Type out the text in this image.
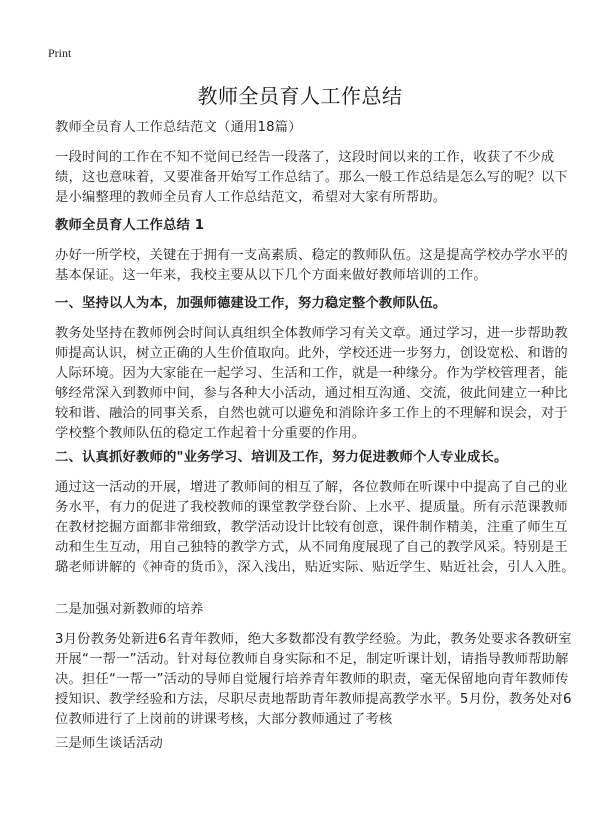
Print
教师全员育人工作总结
教师全员育人工作总结范文（通用18篇）
一段时间的工作在不知不觉间已经告一段落了，这段时间以来的工作，收获了不少成绩，这也意味着，又要准备开始写工作总结了。那么一般工作总结是怎么写的呢？以下是小编整理的教师全员育人工作总结范文，希望对大家有所帮助。
教师全员育人工作总结 1
办好一所学校，关键在于拥有一支高素质、稳定的教师队伍。这是提高学校办学水平的基本保证。这一年来，我校主要从以下几个方面来做好教师培训的工作。
一、坚持以人为本，加强师德建设工作，努力稳定整个教师队伍。
教务处坚持在教师例会时间认真组织全体教师学习有关文章。通过学习，进一步帮助教师提高认识，树立正确的人生价值取向。此外，学校还进一步努力，创设宽松、和谐的人际环境。因为大家能在一起学习、生活和工作，就是一种缘分。作为学校管理者，能够经常深入到教师中间，参与各种大小活动，通过相互沟通、交流，彼此间建立一种比较和谐、融洽的同事关系，自然也就可以避免和消除许多工作上的不理解和误会，对于学校整个教师队伍的稳定工作起着十分重要的作用。
二、认真抓好教师的"业务学习、培训及工作，努力促进教师个人专业成长。
通过这一活动的开展，增进了教师间的相互了解，各位教师在听课中中提高了自己的业务水平，有力的促进了我校教师的课堂教学登台阶、上水平、提质量。所有示范课教师在教材挖掘方面都非常细致，教学活动设计比较有创意，课件制作精美，注重了师生互动和生生互动，用自己独特的教学方式，从不同角度展现了自己的教学风采。特别是王璐老师讲解的《神奇的货币》，深入浅出，贴近实际、贴近学生、贴近社会，引人入胜。
二是加强对新教师的培养
3月份教务处新进6名青年教师，绝大多数都没有教学经验。为此，教务处要求各教研室开展“一帮一”活动。针对每位教师自身实际和不足，制定听课计划，请指导教师帮助解决。担任“一帮一”活动的导师自觉履行培养青年教师的职责，毫无保留地向青年教师传授知识、教学经验和方法，尽职尽责地帮助青年教师提高教学水平。5月份，教务处对6位教师进行了上岗前的讲课考核，大部分教师通过了考核
三是师生谈话活动
